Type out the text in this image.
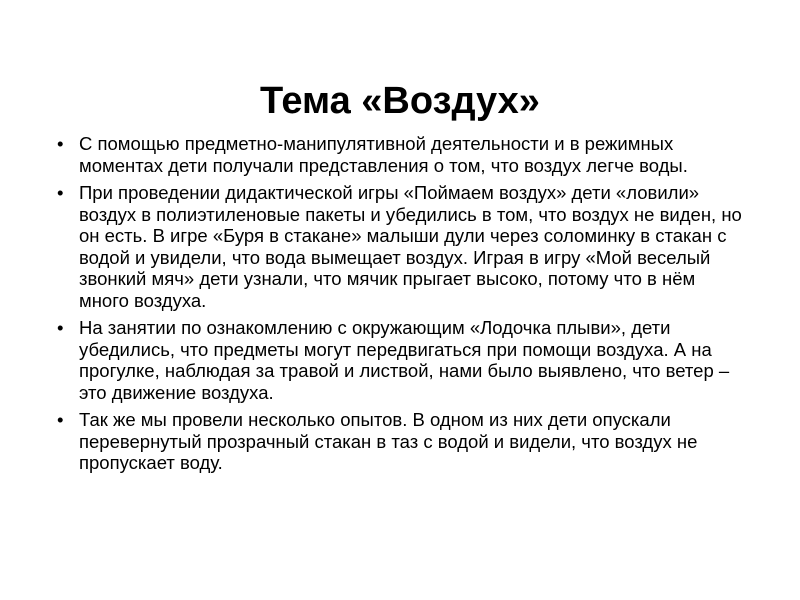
Тема «Воздух»
• С помощью предметно-манипулятивной деятельности и в режимных моментах дети получали представления о том, что воздух легче воды.
• При проведении дидактической игры «Поймаем воздух» дети «ловили» воздух в полиэтиленовые пакеты и убедились в том, что воздух не виден, но он есть. В игре «Буря в стакане» малыши дули через соломинку в стакан с водой и увидели, что вода вымещает воздух. Играя в игру «Мой веселый звонкий мяч» дети узнали, что мячик прыгает высоко, потому что в нём много воздуха.
• На занятии по ознакомлению с окружающим «Лодочка плыви», дети убедились, что предметы могут передвигаться при помощи воздуха. А на прогулке, наблюдая за травой и листвой, нами было выявлено, что ветер – это движение воздуха.
• Так же мы провели несколько опытов. В одном из них дети опускали перевернутый прозрачный стакан в таз с водой и видели, что воздух не пропускает воду.
